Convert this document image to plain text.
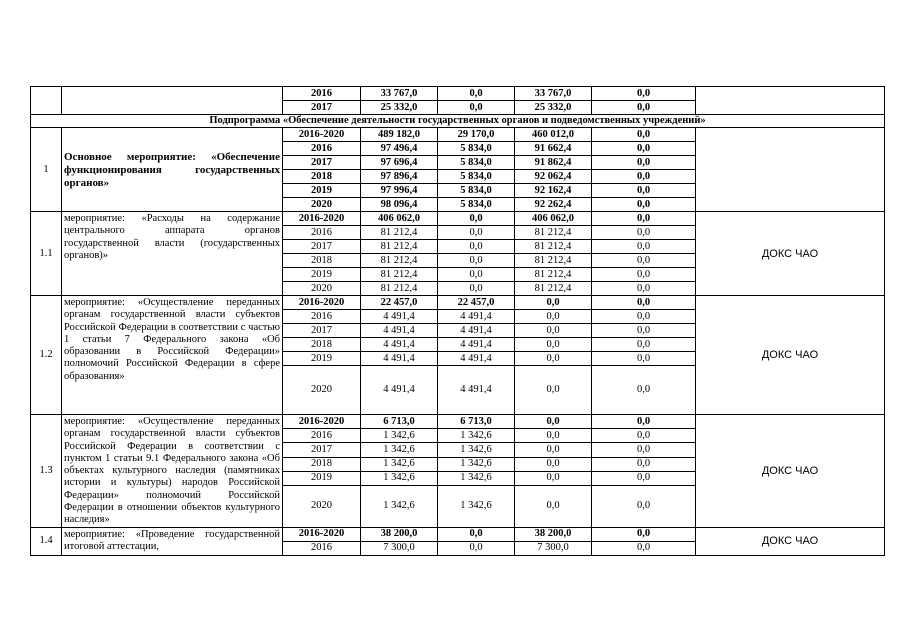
		2016	33 767,0	0,0	33 767,0	0,0	
		2017	25 332,0	0,0	25 332,0	0,0	
Подпрограмма «Обеспечение деятельности государственных органов и подведомственных учреждений»							
1	Основное мероприятие: «Обеспечение функционирования государственных органов»	2016-2020	489 182,0	29 170,0	460 012,0	0,0	
		2016	97 496,4	5 834,0	91 662,4	0,0	
		2017	97 696,4	5 834,0	91 862,4	0,0	
		2018	97 896,4	5 834,0	92 062,4	0,0	
		2019	97 996,4	5 834,0	92 162,4	0,0	
		2020	98 096,4	5 834,0	92 262,4	0,0	
1.1	мероприятие: «Расходы на содержание центрального аппарата органов государственной власти (государственных органов)»	2016-2020	406 062,0	0,0	406 062,0	0,0	ДОКС ЧАО
		2016	81 212,4	0,0	81 212,4	0,0	
		2017	81 212,4	0,0	81 212,4	0,0	
		2018	81 212,4	0,0	81 212,4	0,0	
		2019	81 212,4	0,0	81 212,4	0,0	
		2020	81 212,4	0,0	81 212,4	0,0	
1.2	мероприятие: «Осуществление переданных органам государственной власти субъектов Российской Федерации в соответствии с частью 1 статьи 7 Федерального закона «Об образовании в Российской Федерации» полномочий Российской Федерации в сфере образования»	2016-2020	22 457,0	22 457,0	0,0	0,0	ДОКС ЧАО
		2016	4 491,4	4 491,4	0,0	0,0	
		2017	4 491,4	4 491,4	0,0	0,0	
		2018	4 491,4	4 491,4	0,0	0,0	
		2019	4 491,4	4 491,4	0,0	0,0	
		2020	4 491,4	4 491,4	0,0	0,0	
1.3	мероприятие: «Осуществление переданных органам государственной власти субъектов Российской Федерации в соответствии с пунктом 1 статьи 9.1 Федерального закона «Об объектах культурного наследия (памятниках истории и культуры) народов Российской Федерации» полномочий Российской Федерации в отношении объектов культурного наследия»	2016-2020	6 713,0	6 713,0	0,0	0,0	ДОКС ЧАО
		2016	1 342,6	1 342,6	0,0	0,0	
		2017	1 342,6	1 342,6	0,0	0,0	
		2018	1 342,6	1 342,6	0,0	0,0	
		2019	1 342,6	1 342,6	0,0	0,0	
		2020	1 342,6	1 342,6	0,0	0,0	
1.4	мероприятие: «Проведение государственной итоговой аттестации,	2016-2020	38 200,0	0,0	38 200,0	0,0	ДОКС ЧАО
		2016	7 300,0	0,0	7 300,0	0,0	
